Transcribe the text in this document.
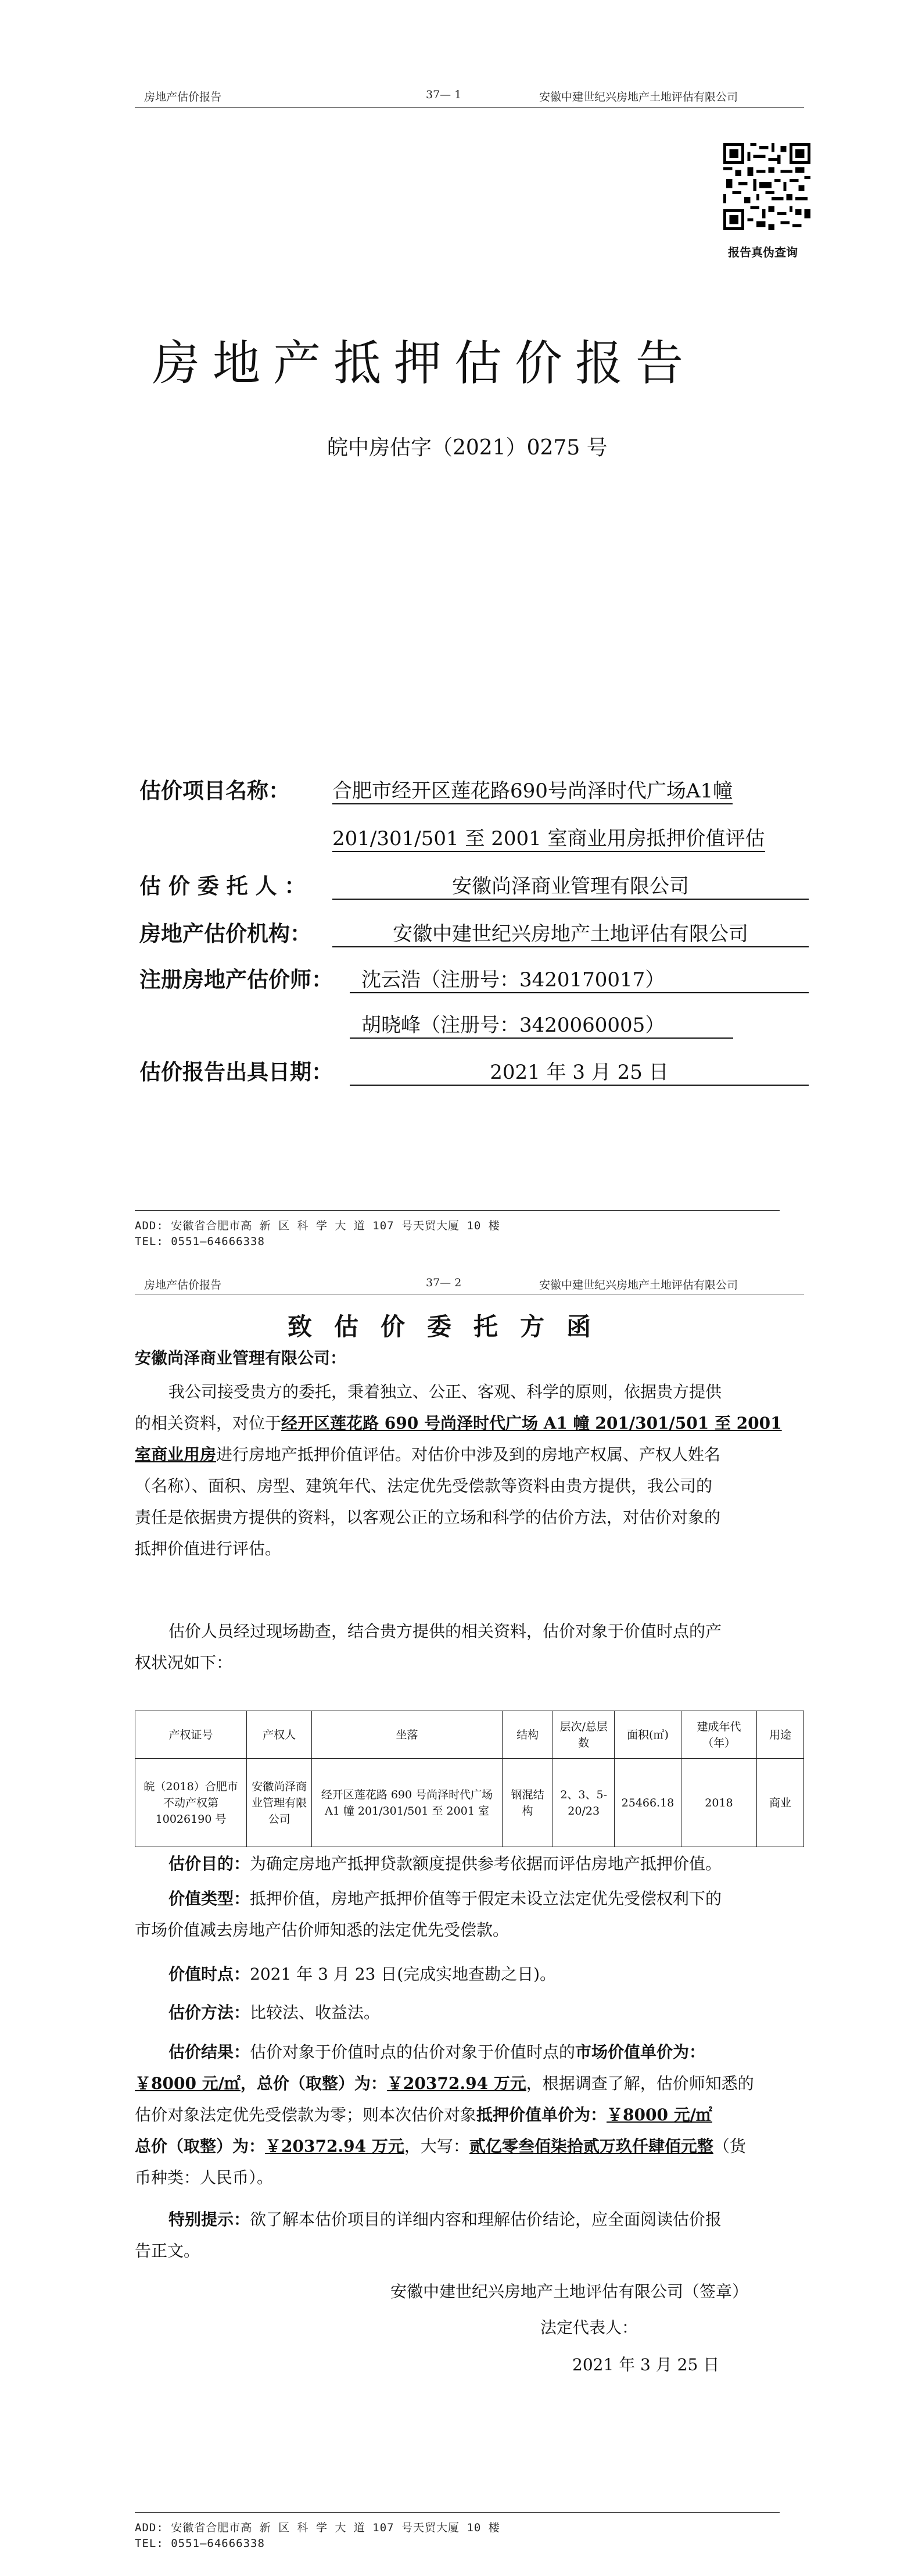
房地产估价报告	37— 1	安徽中建世纪兴房地产土地评估有限公司
报告真伪查询
房地产抵押估价报告
皖中房估字（2021）0275 号
估价项目名称： 合肥市经开区莲花路690号尚泽时代广场A1幢
201/301/501 至 2001 室商业用房抵押价值评估
估 价 委 托 人 ：	安徽尚泽商业管理有限公司
房地产估价机构：	安徽中建世纪兴房地产土地评估有限公司
注册房地产估价师：	沈云浩（注册号：3420170017）
胡晓峰（注册号：3420060005）
估价报告出具日期：	2021 年 3 月 25 日
ADD: 安徽省合肥市高 新 区 科 学 大 道 107 号天贸大厦 10 楼
TEL: 0551—64666338
房地产估价报告	37— 2	安徽中建世纪兴房地产土地评估有限公司
致估价委托方函
安徽尚泽商业管理有限公司：
我公司接受贵方的委托，秉着独立、公正、客观、科学的原则，依据贵方提供
的相关资料，对位于经开区莲花路 690 号尚泽时代广场 A1 幢 201/301/501 至 2001
室商业用房进行房地产抵押价值评估。对估价中涉及到的房地产权属、产权人姓名
（名称）、面积、房型、建筑年代、法定优先受偿款等资料由贵方提供，我公司的
责任是依据贵方提供的资料，以客观公正的立场和科学的估价方法，对估价对象的
抵押价值进行评估。
估价人员经过现场勘查，结合贵方提供的相关资料，估价对象于价值时点的产
权状况如下：
产权证号	产权人	坐落	结构	层次/总层数	面积(㎡)	建成年代（年）	用途
皖（2018）合肥市不动产权第10026190 号	安徽尚泽商业管理有限公司	经开区莲花路 690 号尚泽时代广场 A1 幢 201/301/501 至 2001 室	钢混结构	2、3、5-20/23	25466.18	2018	商业
估价目的：为确定房地产抵押贷款额度提供参考依据而评估房地产抵押价值。
价值类型：抵押价值，房地产抵押价值等于假定未设立法定优先受偿权利下的
市场价值减去房地产估价师知悉的法定优先受偿款。
价值时点：2021 年 3 月 23 日(完成实地查勘之日)。
估价方法：比较法、收益法。
估价结果：估价对象于价值时点的估价对象于价值时点的市场价值单价为：
￥8000 元/㎡，总价（取整）为：￥20372.94 万元，根据调查了解，估价师知悉的
估价对象法定优先受偿款为零；则本次估价对象抵押价值单价为：￥8000 元/㎡
总价（取整）为：￥20372.94 万元，大写：贰亿零叁佰柒拾贰万玖仟肆佰元整（货
币种类：人民币）。
特别提示：欲了解本估价项目的详细内容和理解估价结论，应全面阅读估价报
告正文。
安徽中建世纪兴房地产土地评估有限公司（签章）
法定代表人：
2021 年 3 月 25 日
ADD: 安徽省合肥市高 新 区 科 学 大 道 107 号天贸大厦 10 楼
TEL: 0551—64666338
